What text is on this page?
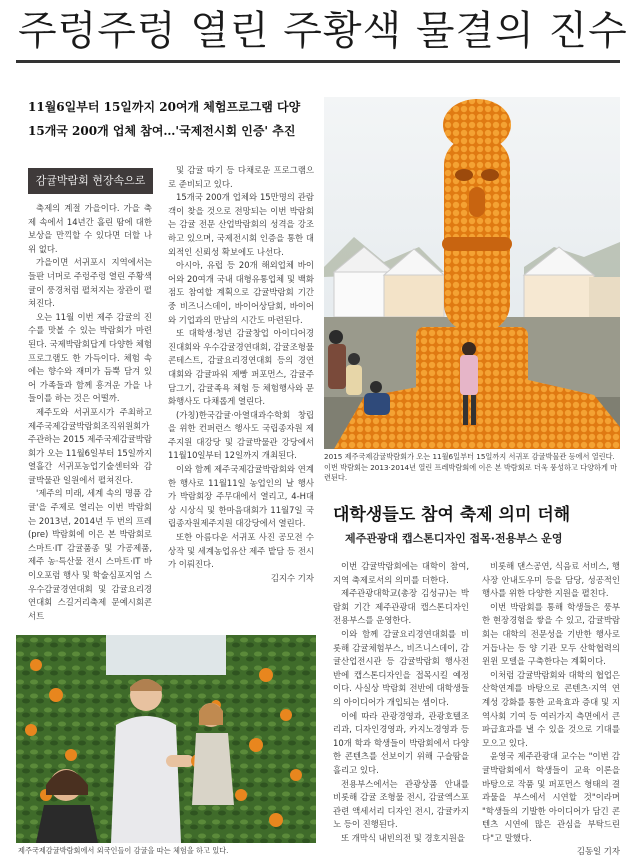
주렁주렁 열린 주황색 물결의 진수
11월6일부터 15일까지 20여개 체험프로그램 다양
15개국 200개 업체 참여…'국제전시회 인증' 추진
감귤박람회 현장속으로

축제의 계절 가을이다. 가을 축제 속에서 14년간 흘린 땀에 대한 보상을 만끽할 수 있다면 더할 나위 없다.

가을이면 서귀포시 지역에서는 들판 너머로 주렁주렁 열린 주황색 귤이 풍경처럼 펼쳐지는 장관이 펼쳐진다.

오는 11월 이번 제주 감귤의 진수를 맛볼 수 있는 박람회가 마련된다. 국제박람회답게 다양한 체험 프로그램도 한 가득이다. 체험 속에는 향수와 재미가 듬뿍 담겨 있어 가족들과 함께 흥겨운 가을 나들이를 하는 것은 어떨까.

제주도와 서귀포시가 주최하고 제주국제감귤박람회조직위원회가 주관하는 2015 제주국제감귤박람회가 오는 11월6일부터 15일까지 열흘간 서귀포농업기술센터와 감귤박물관 일원에서 펼쳐진다.

'제주의 미래, 세계 속의 명품 감귤'을 주제로 열리는 이번 박람회는 2013년, 2014년 두 번의 프레(pre) 박람회에 이은 본 박람회로 스마트·IT 감귤품종 및 가공제품, 제주 농·특산물 전시 스마트·IT 바이오포럼 행사 및 학술심포지엄 스우수감귤경연대회 및 감귤요리경연대회 스길거리축제 문예시회콘서트

및 감귤 따기 등 다채로운 프로그램으로 준비되고 있다.

15개국 200개 업체와 15만명의 관람객이 찾을 것으로 전망되는 이번 박람회는 감귤 전문 산업박람회의 성격을 강조하고 있으며, 국제전시회 인증을 통한 대외적인 신뢰성 확보에도 나선다.

아시아, 유럽 등 20개 해외업체 바이어와 20여개 국내 대형유통업체 및 백화점도 참여할 계획으로 감귤박람회 기간 중 비즈니스데이, 바이어상담회, 바이어와 기업과의 만남의 시간도 마련된다.

또 대학생·청년 감귤창업 아이디어경진대회와 우수감귤경연대회, 감귤조형물 콘테스트, 감귤요리경연대회 등의 경연대회와 감귤파워 제빵 퍼포먼스, 감귤주 담그기, 감귤족욕 체험 등 체험행사와 문화행사도 다채롭게 열린다.

(가칭)한국감귤·아열대과수학회 창립을 위한 컨퍼런스 행사도 국립종자원 제주지원 대강당 및 감귤박물관 강당에서 11월10일부터 12일까지 개최된다.

이와 함께 제주국제감귤박람회와 연계한 행사로 11월11일 농업인의 날 행사가 박람회장 주무대에서 열리고, 4-H대상 시상식 및 한마음대회가 11월7일 국립종자원제주지원 대강당에서 열린다.

또한 아름다운 서귀포 사진 공모전 수상작 및 세계농업유산 제주 밭담 등 전시가 이뤄진다.

김지수 기자

2015 제주국제감귤박람회가 오는 11월6일부터 15일까지 서귀포 감귤박물관 등에서 열린다. 이번 박람회는 2013·2014년 열린 프레박람회에 이은 본 박람회로 더욱 풍성하고 다양하게 마련된다.
대학생들도 참여 축제 의미 더해
제주관광대 캡스톤디자인 접목·전용부스 운영

이번 감귤박람회에는 대학이 참여, 지역 축제로서의 의미를 더한다.

제주관광대학교(총장 김성규)는 박람회 기간 제주관광대 캡스톤디자인 전용부스를 운영한다.

이와 함께 감귤요리경연대회를 비롯해 감귤체험부스, 비즈니스데이, 감귤산업전시관 등 감귤박람회 행사전반에 캡스톤디자인을 접목시킬 예정이다. 사실상 박람회 전반에 대학생들의 아이디어가 개입되는 셈이다.

이에 따라 관광경영과, 관광호텔조리과, 디자인경영과, 카지노경영과 등 10개 학과 학생들이 박람회에서 다양한 콘텐츠를 선보이기 위해 구슬땀을 흘리고 있다.

전용부스에서는 관광상품 안내를 비롯해 감귤 조형물 전시, 감귤엑스포 관련 액세서리 디자인 전시, 감귤카지노 등이 진행된다.

또 개막식 내빈의전 및 경호지원을

비롯해 댄스공연, 식음료 서비스, 행사장 안내도우미 등을 담당, 성공적인 행사를 위한 다양한 지원을 펼친다.

이번 박람회를 통해 학생들은 풍부한 현장경험을 쌓을 수 있고, 감귤박람회는 대학의 전문성을 기반한 행사로 거듭나는 등 양 기관 모두 산학협력의 윈윈 모델을 구축한다는 계획이다.

이처럼 감귤박람회와 대학의 협업은 산학연계를 바탕으로 콘텐츠·지역 연계성 강화를 통한 교육효과 증대 및 지역사회 기여 등 여러가지 측면에서 큰 파급효과를 낼 수 있을 것으로 기대를 모으고 있다.

윤영국 제주관광대 교수는 "이번 감귤박람회에서 학생들이 교육 이론을 바탕으로 작품 및 퍼포먼스 형태의 결과물을 부스에서 시연할 것"이라며 "학생들의 기발한 아이디어가 담긴 콘텐츠 시연에 많은 관심을 부탁드린다"고 말했다.

김동일 기자

제주국제감귤박람회에서 외국인들이 감귤을 따는 체험을 하고 있다.
